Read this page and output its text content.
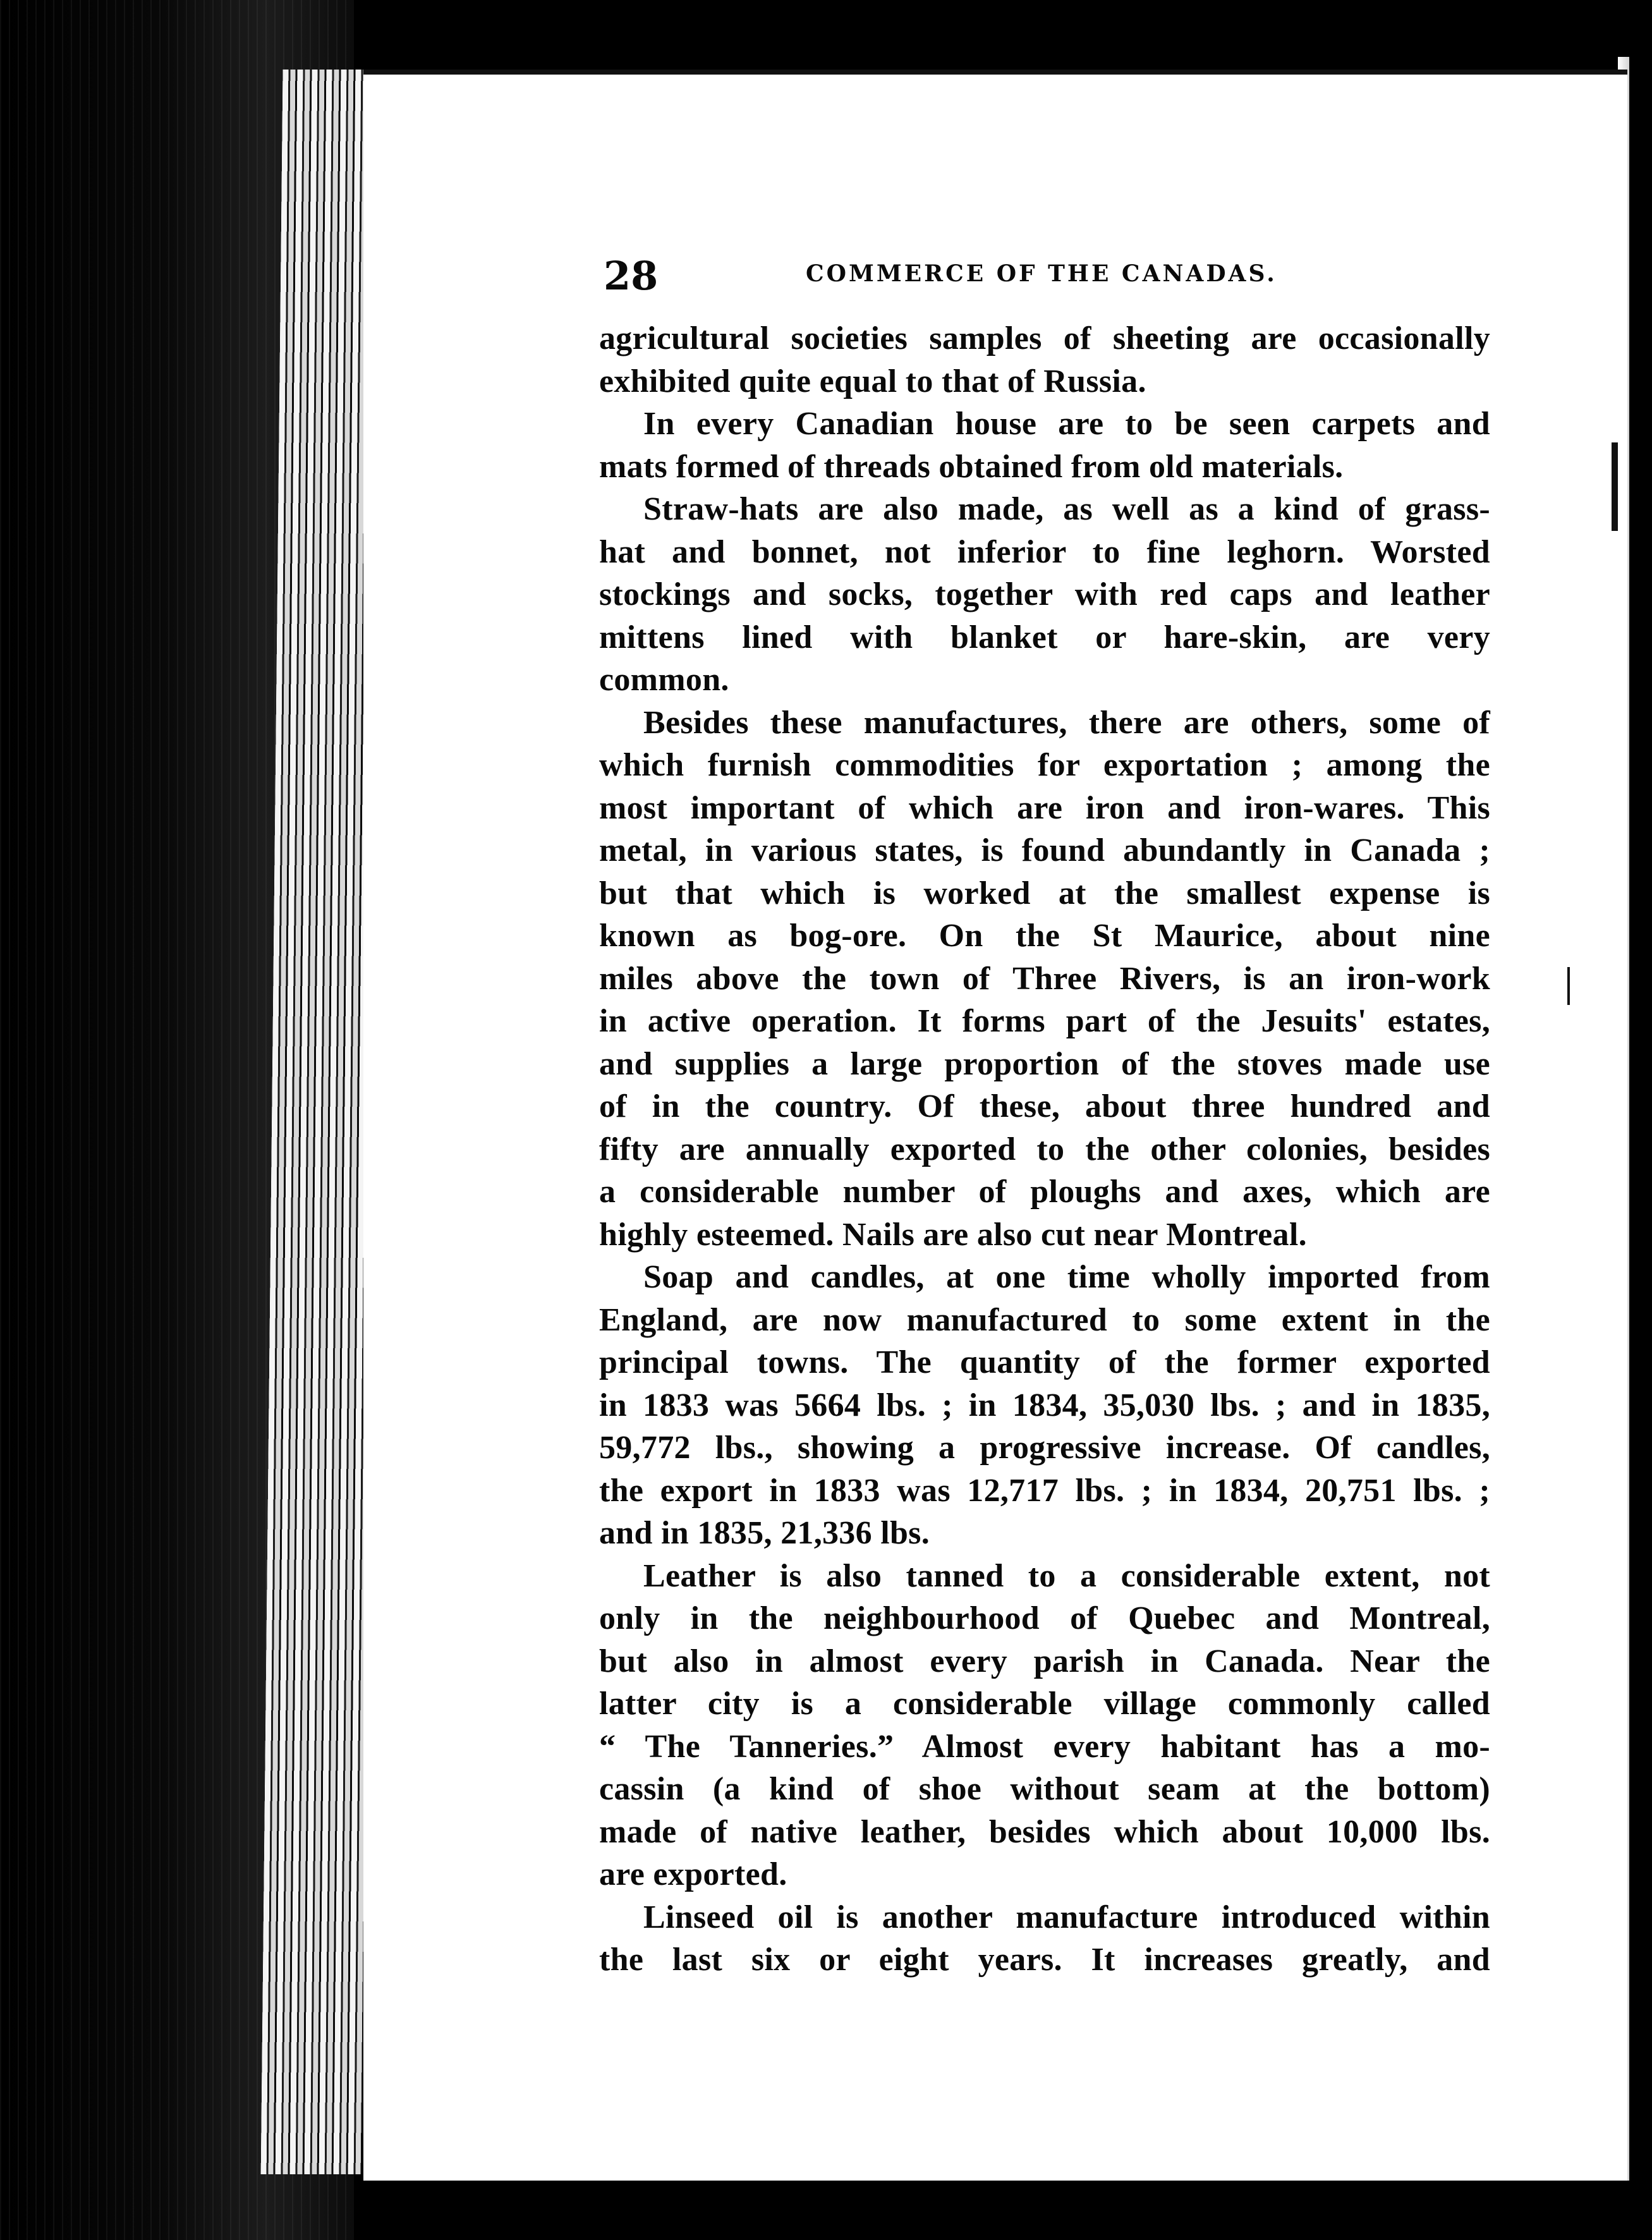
28	COMMERCE OF THE CANADAS.
agricultural societies samples of sheeting are occasionally
exhibited quite equal to that of Russia.
In every Canadian house are to be seen carpets and
mats formed of threads obtained from old materials.
Straw-hats are also made, as well as a kind of grass-
hat and bonnet, not inferior to fine leghorn. Worsted
stockings and socks, together with red caps and leather
mittens lined with blanket or hare-skin, are very
common.
Besides these manufactures, there are others, some of
which furnish commodities for exportation ; among the
most important of which are iron and iron-wares. This
metal, in various states, is found abundantly in Canada ;
but that which is worked at the smallest expense is
known as bog-ore. On the St Maurice, about nine
miles above the town of Three Rivers, is an iron-work
in active operation. It forms part of the Jesuits' estates,
and supplies a large proportion of the stoves made use
of in the country. Of these, about three hundred and
fifty are annually exported to the other colonies, besides
a considerable number of ploughs and axes, which are
highly esteemed. Nails are also cut near Montreal.
Soap and candles, at one time wholly imported from
England, are now manufactured to some extent in the
principal towns. The quantity of the former exported
in 1833 was 5664 lbs. ; in 1834, 35,030 lbs. ; and in 1835,
59,772 lbs., showing a progressive increase. Of candles,
the export in 1833 was 12,717 lbs. ; in 1834, 20,751 lbs. ;
and in 1835, 21,336 lbs.
Leather is also tanned to a considerable extent, not
only in the neighbourhood of Quebec and Montreal,
but also in almost every parish in Canada. Near the
latter city is a considerable village commonly called
“ The Tanneries.” Almost every habitant has a mo-
cassin (a kind of shoe without seam at the bottom)
made of native leather, besides which about 10,000 lbs.
are exported.
Linseed oil is another manufacture introduced within
the last six or eight years. It increases greatly, and
